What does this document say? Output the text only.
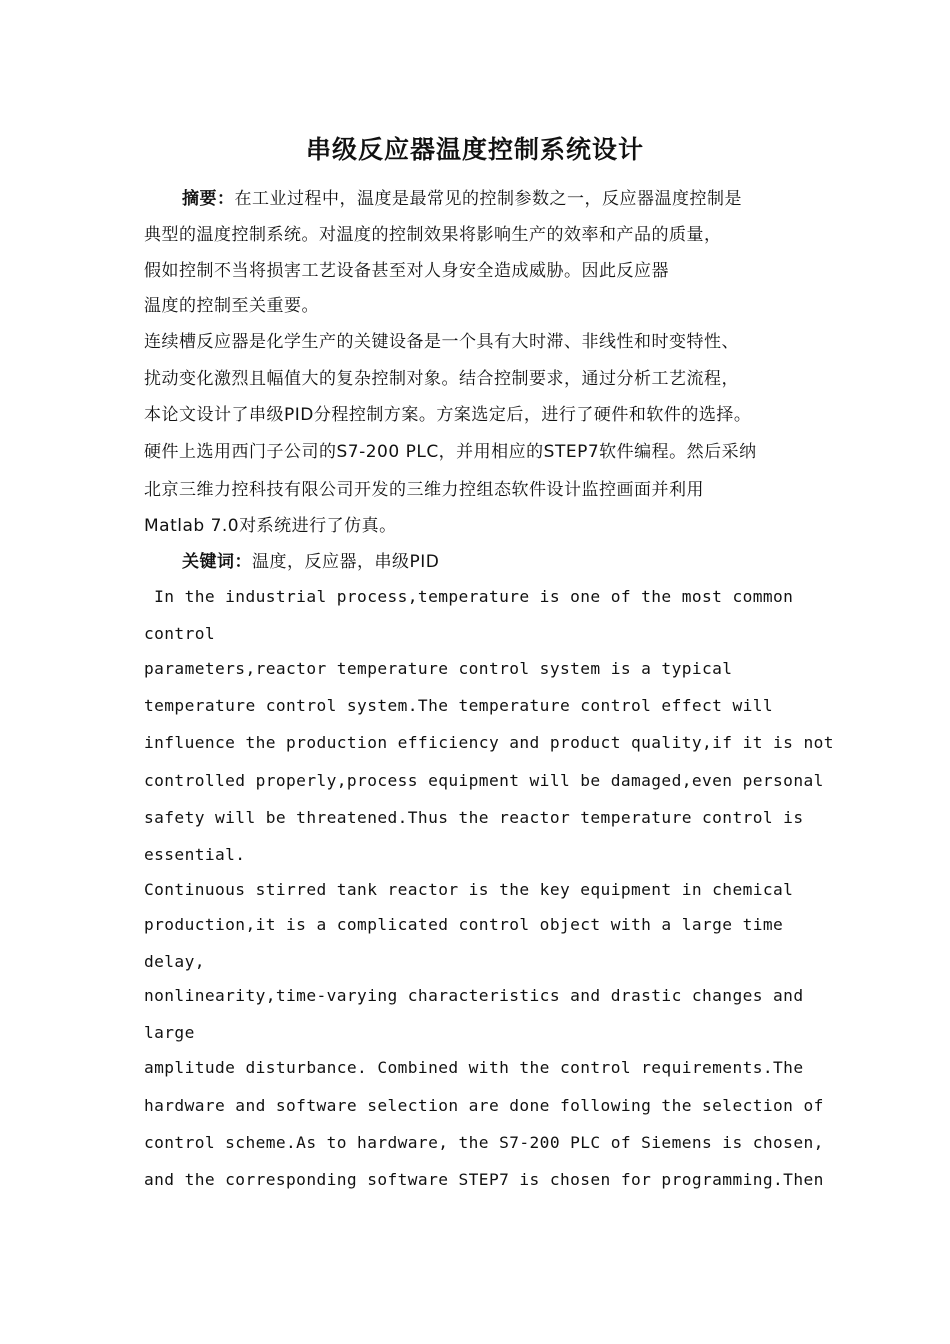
串级反应器温度控制系统设计
摘要：在工业过程中，温度是最常见的控制参数之一，反应器温度控制是
典型的温度控制系统。对温度的控制效果将影响生产的效率和产品的质量，
假如控制不当将损害工艺设备甚至对人身安全造成威胁。因此反应器
温度的控制至关重要。
连续槽反应器是化学生产的关键设备是一个具有大时滞、非线性和时变特性、
扰动变化激烈且幅值大的复杂控制对象。结合控制要求，通过分析工艺流程，
本论文设计了串级PID分程控制方案。方案选定后，进行了硬件和软件的选择。
硬件上选用西门子公司的S7-200 PLC，并用相应的STEP7软件编程。然后采纳
北京三维力控科技有限公司开发的三维力控组态软件设计监控画面并利用
Matlab 7.0对系统进行了仿真。
关键词：温度，反应器，串级PID
In the industrial process,temperature is one of the most common
control
parameters,reactor temperature control system is a typical
temperature control system.The temperature control effect will
influence the production efficiency and product quality,if it is not
controlled properly,process equipment will be damaged,even personal
safety will be threatened.Thus the reactor temperature control is
essential.
Continuous stirred tank reactor is the key equipment in chemical
production,it is a complicated control object with a large time
delay,
nonlinearity,time-varying characteristics and drastic changes and
large
amplitude disturbance. Combined with the control requirements.The
hardware and software selection are done following the selection of
control scheme.As to hardware, the S7-200 PLC of Siemens is chosen,
and the corresponding software STEP7 is chosen for programming.Then
